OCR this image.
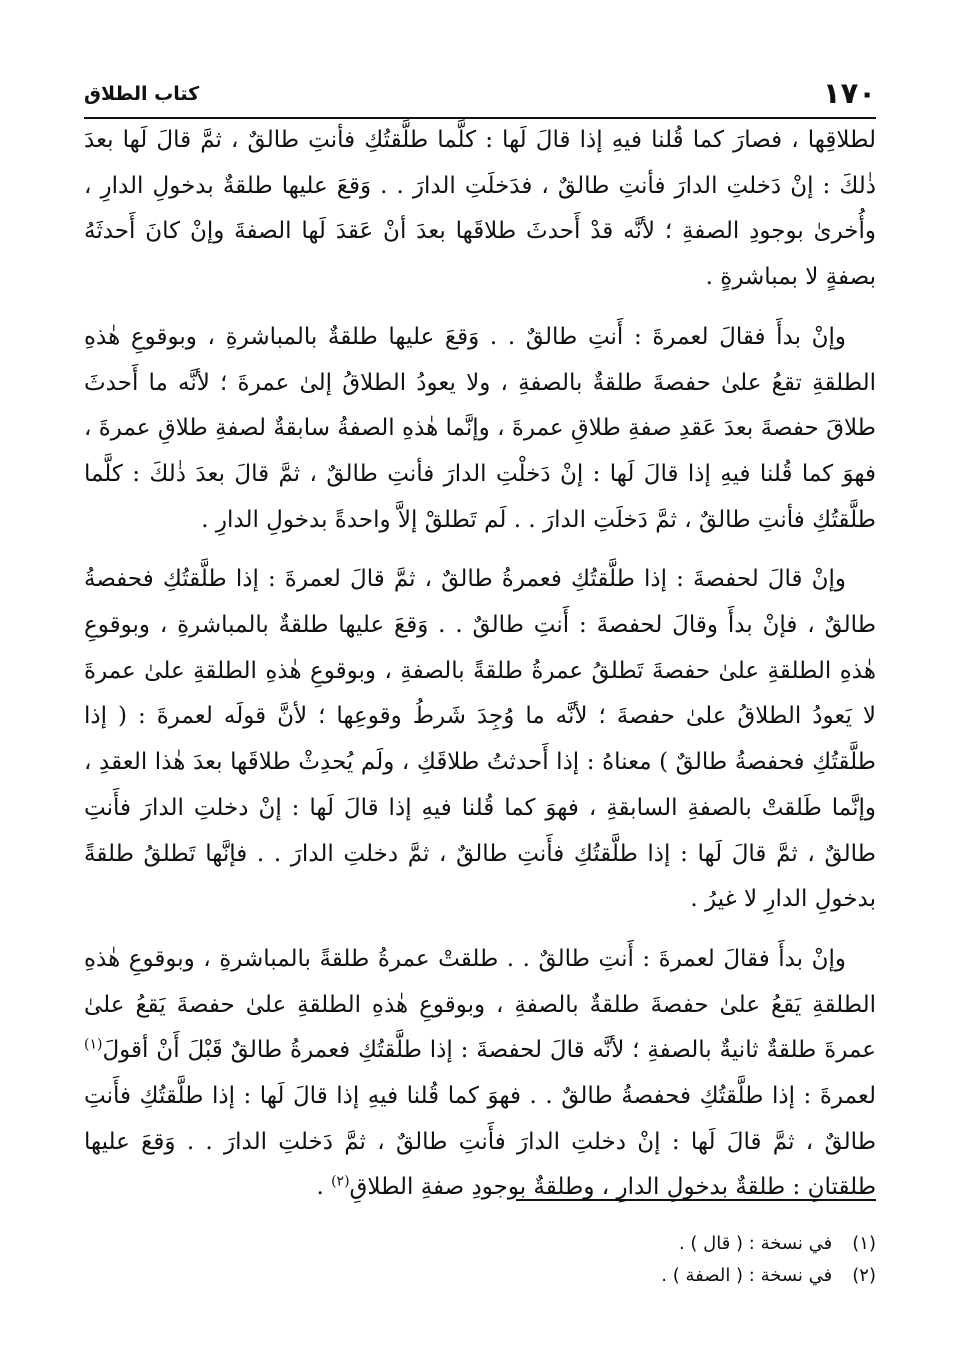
١٧٠
كتاب الطلاق

لطلاقِها ، فصارَ كما قُلنا فيهِ إذا قالَ لَها : كلَّما طلَّقتُكِ فأنتِ طالقٌ ، ثمَّ قالَ لَها بعدَ ذٰلكَ : إنْ دَخلتِ الدارَ فأنتِ طالقٌ ، فدَخلَتِ الدارَ . . وَقعَ عليها طلقةٌ بدخولِ الدارِ ، وأُخرىٰ بوجودِ الصفةِ ؛ لأنَّه قدْ أَحدثَ طلاقَها بعدَ أنْ عَقدَ لَها الصفةَ وإنْ كانَ أَحدثَهُ بصفةٍ لا بمباشرةٍ .

وإنْ بدأَ فقالَ لعمرةَ : أَنتِ طالقٌ . . وَقعَ عليها طلقةٌ بالمباشرةِ ، وبوقوعِ هٰذهِ الطلقةِ تقعُ علىٰ حفصةَ طلقةٌ بالصفةِ ، ولا يعودُ الطلاقُ إلىٰ عمرةَ ؛ لأنَّه ما أَحدثَ طلاقَ حفصةَ بعدَ عَقدِ صفةِ طلاقِ عمرةَ ، وإنَّما هٰذهِ الصفةُ سابقةٌ لصفةِ طلاقِ عمرةَ ، فهوَ كما قُلنا فيهِ إذا قالَ لَها : إنْ دَخلْتِ الدارَ فأنتِ طالقٌ ، ثمَّ قالَ بعدَ ذٰلكَ : كلَّما طلَّقتُكِ فأنتِ طالقٌ ، ثمَّ دَخلَتِ الدارَ . . لَم تَطلقْ إلاَّ واحدةً بدخولِ الدارِ .

وإنْ قالَ لحفصةَ : إذا طلَّقتُكِ فعمرةُ طالقٌ ، ثمَّ قالَ لعمرةَ : إذا طلَّقتُكِ فحفصةُ طالقٌ ، فإنْ بدأَ وقالَ لحفصةَ : أَنتِ طالقٌ . . وَقعَ عليها طلقةٌ بالمباشرةِ ، وبوقوعِ هٰذهِ الطلقةِ علىٰ حفصةَ تَطلقُ عمرةُ طلقةً بالصفةِ ، وبوقوعِ هٰذهِ الطلقةِ علىٰ عمرةَ لا يَعودُ الطلاقُ علىٰ حفصةَ ؛ لأنَّه ما وُجِدَ شَرطُ وقوعِها ؛ لأنَّ قولَه لعمرةَ : ( إذا طلَّقتُكِ فحفصةُ طالقٌ ) معناهُ : إذا أَحدثتُ طلاقَكِ ، ولَم يُحدِثْ طلاقَها بعدَ هٰذا العقدِ ، وإنَّما طَلقتْ بالصفةِ السابقةِ ، فهوَ كما قُلنا فيهِ إذا قالَ لَها : إنْ دخلتِ الدارَ فأَنتِ طالقٌ ، ثمَّ قالَ لَها : إذا طلَّقتُكِ فأَنتِ طالقٌ ، ثمَّ دخلتِ الدارَ . . فإنَّها تَطلقُ طلقةً بدخولِ الدارِ لا غيرُ .

وإنْ بدأَ فقالَ لعمرةَ : أَنتِ طالقٌ . . طلقتْ عمرةُ طلقةً بالمباشرةِ ، وبوقوعِ هٰذهِ الطلقةِ يَقعُ علىٰ حفصةَ طلقةٌ بالصفةِ ، وبوقوعِ هٰذهِ الطلقةِ علىٰ حفصةَ يَقعُ علىٰ عمرةَ طلقةٌ ثانيةٌ بالصفةِ ؛ لأنَّه قالَ لحفصةَ : إذا طلَّقتُكِ فعمرةُ طالقٌ قَبْلَ أَنْ أقولَ$^{(١)}$ لعمرةَ : إذا طلَّقتُكِ فحفصةُ طالقٌ . . فهوَ كما قُلنا فيهِ إذا قالَ لَها : إذا طلَّقتُكِ فأَنتِ طالقٌ ، ثمَّ قالَ لَها : إنْ دخلتِ الدارَ فأَنتِ طالقٌ ، ثمَّ دَخلتِ الدارَ . . وَقعَ عليها طلقتانِ : طلقةٌ بدخولِ الدارِ ، وطلقةٌ بوجودِ صفةِ الطلاقِ$^{(٢)}$ .

(١) في نسخة : ( قال ) .
(٢) في نسخة : ( الصفة ) .
